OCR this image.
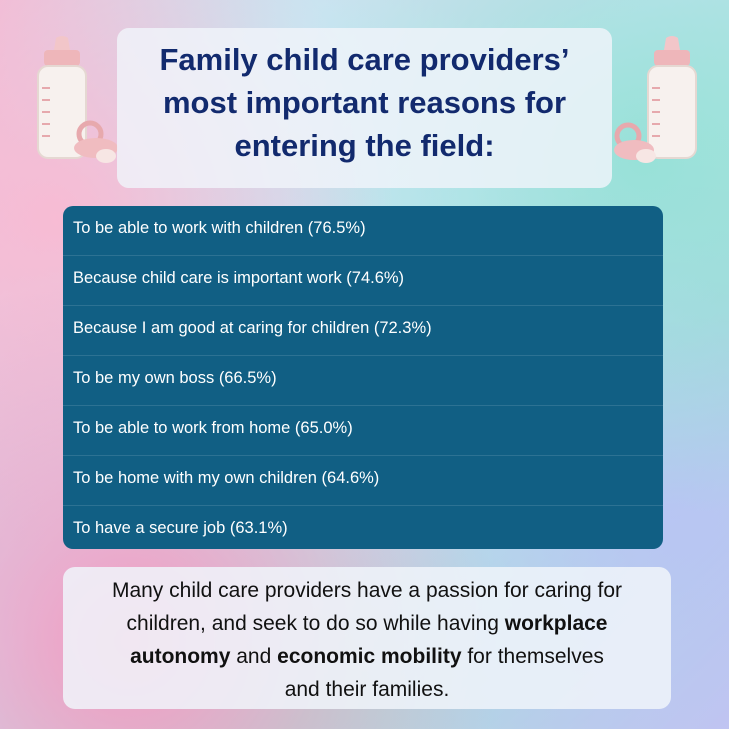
Family child care providers’
most important reasons for
entering the field:
To be able to work with children (76.5%)
Because child care is important work (74.6%)
Because I am good at caring for children (72.3%)
To be my own boss (66.5%)
To be able to work from home (65.0%)
To be home with my own children (64.6%)
To have a secure job (63.1%)
Many child care providers have a passion for caring for
children, and seek to do so while having workplace
autonomy and economic mobility for themselves
and their families.
